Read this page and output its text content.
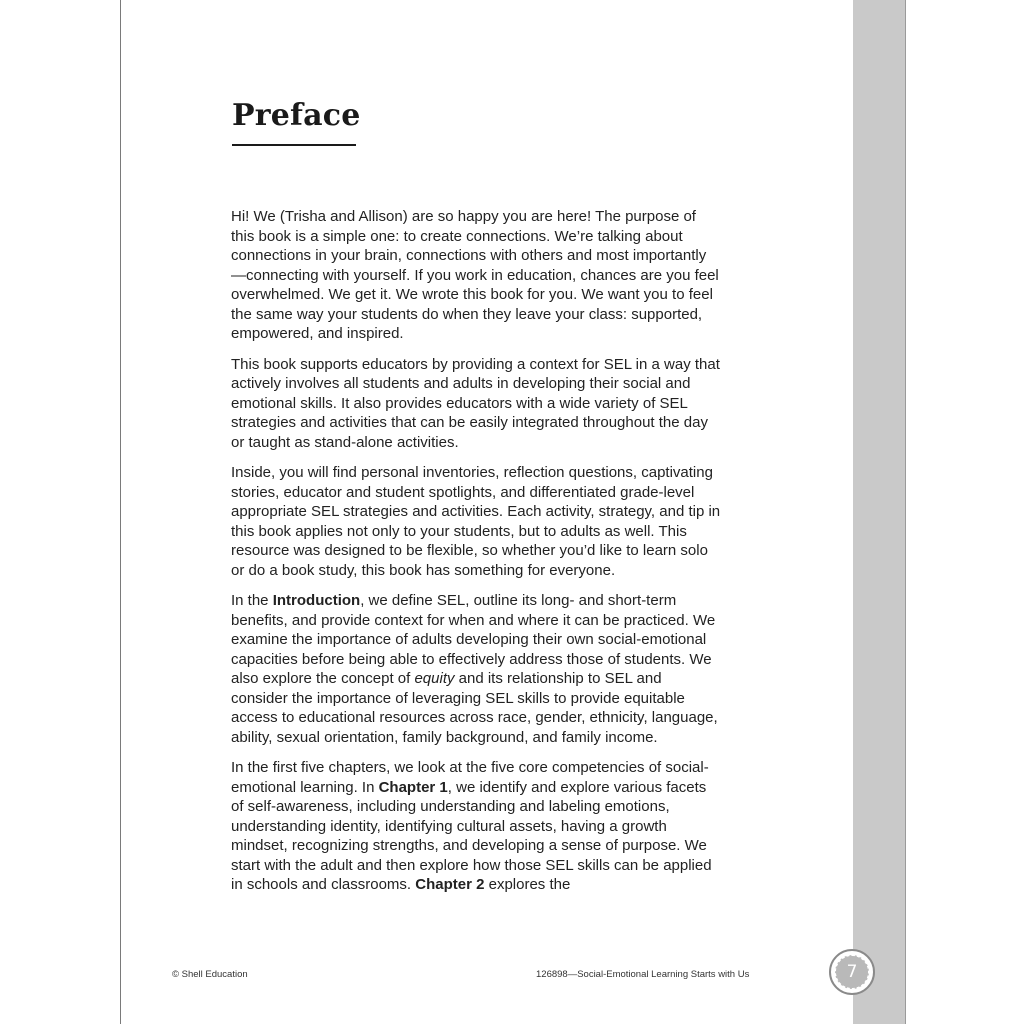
Preface

Hi! We (Trisha and Allison) are so happy you are here! The purpose of this book is a simple one: to create connections. We’re talking about connections in your brain, connections with others and most importantly—connecting with yourself. If you work in education, chances are you feel overwhelmed. We get it. We wrote this book for you. We want you to feel the same way your students do when they leave your class: supported, empowered, and inspired.

This book supports educators by providing a context for SEL in a way that actively involves all students and adults in developing their social and emotional skills. It also provides educators with a wide variety of SEL strategies and activities that can be easily integrated throughout the day or taught as stand-alone activities.

Inside, you will find personal inventories, reflection questions, captivating stories, educator and student spotlights, and differentiated grade-level appropriate SEL strategies and activities. Each activity, strategy, and tip in this book applies not only to your students, but to adults as well. This resource was designed to be flexible, so whether you’d like to learn solo or do a book study, this book has something for everyone.

In the Introduction, we define SEL, outline its long- and short-term benefits, and provide context for when and where it can be practiced. We examine the importance of adults developing their own social-emotional capacities before being able to effectively address those of students. We also explore the concept of equity and its relationship to SEL and consider the importance of leveraging SEL skills to provide equitable access to educational resources across race, gender, ethnicity, language, ability, sexual orientation, family background, and family income.

In the first five chapters, we look at the five core competencies of social-emotional learning. In Chapter 1, we identify and explore various facets of self-awareness, including understanding and labeling emotions, understanding identity, identifying cultural assets, having a growth mindset, recognizing strengths, and developing a sense of purpose. We start with the adult and then explore how those SEL skills can be applied in schools and classrooms. Chapter 2 explores the

© Shell Education	126898—Social-Emotional Learning Starts with Us	7
